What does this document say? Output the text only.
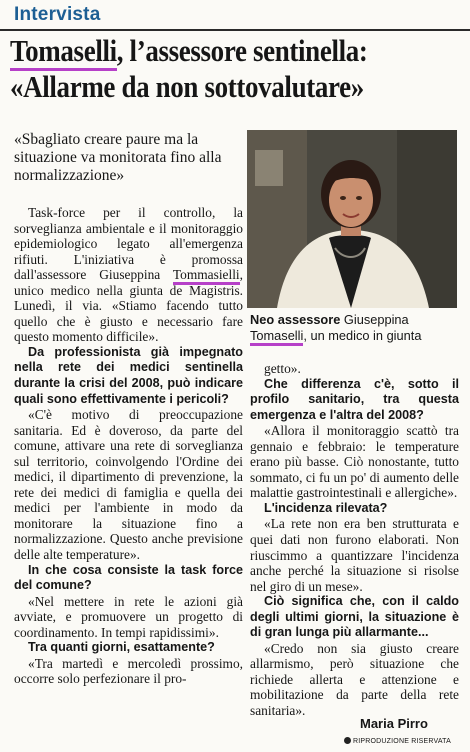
Intervista
Tomaselli, l’assessore sentinella:
«Allarme da non sottovalutare»
«Sbagliato creare paure ma la situazione va monitorata fino alla normalizzazione»

Task-force per il controllo, la sorveglianza ambientale e il monitoraggio epidemiologico legato all'emergenza rifiuti. L'iniziativa è promossa dall'assessore Giuseppina Tommasielli, unico medico nella giunta de Magistris. Lunedì, il via. «Stiamo facendo tutto quello che è giusto e necessario fare questo momento difficile».

Da professionista già impegnato nella rete dei medici sentinella durante la crisi del 2008, può indicare quali sono effettivamente i pericoli?

«C'è motivo di preoccupazione sanitaria. Ed è doveroso, da parte del comune, attivare una rete di sorveglianza sul territorio, coinvolgendo l'Ordine dei medici, il dipartimento di prevenzione, la rete dei medici di famiglia e quella dei medici per l'ambiente in modo da monitorare la situazione fino a normalizzazione. Questo anche previsione delle alte temperature».

In che cosa consiste la task force del comune?

«Nel mettere in rete le azioni già avviate, e promuovere un progetto di coordinamento. In tempi rapidissimi».

Tra quanti giorni, esattamente?

«Tra martedì e mercoledì prossimo, occorre solo perfezionare il pro-

Neo assessore Giuseppina
Tomaselli, un medico in giunta

getto».

Che differenza c'è, sotto il profilo sanitario, tra questa emergenza e l'altra del 2008?

«Allora il monitoraggio scattò tra gennaio e febbraio: le temperature erano più basse. Ciò nonostante, tutto sommato, ci fu un po' di aumento delle malattie gastrointestinali e allergiche».

L'incidenza rilevata?

«La rete non era ben strutturata e quei dati non furono elaborati. Non riuscimmo a quantizzare l'incidenza anche perché la situazione si risolse nel giro di un mese».

Ciò significa che, con il caldo degli ultimi giorni, la situazione è di gran lunga più allarmante...

«Credo non sia giusto creare allarmismo, però situazione che richiede allerta e attenzione e mobilitazione da parte della rete sanitaria».

Maria Pirro
RIPRODUZIONE RISERVATA
